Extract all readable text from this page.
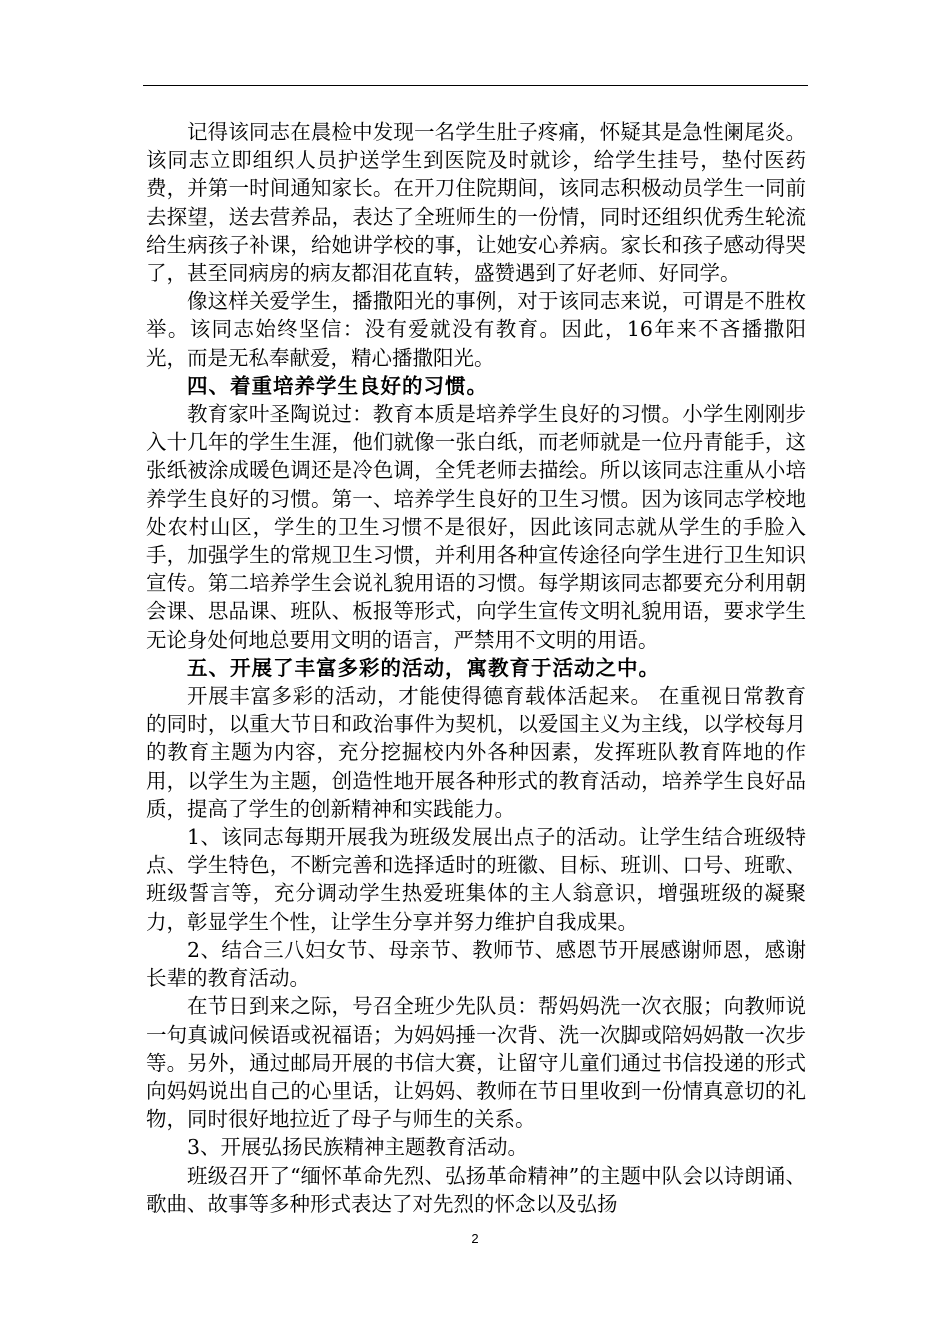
记得该同志在晨检中发现一名学生肚子疼痛，怀疑其是急性阑尾炎。该同志立即组织人员护送学生到医院及时就诊，给学生挂号，垫付医药费，并第一时间通知家长。在开刀住院期间，该同志积极动员学生一同前去探望，送去营养品，表达了全班师生的一份情，同时还组织优秀生轮流给生病孩子补课，给她讲学校的事，让她安心养病。家长和孩子感动得哭了，甚至同病房的病友都泪花直转，盛赞遇到了好老师、好同学。

像这样关爱学生，播撒阳光的事例，对于该同志来说，可谓是不胜枚举。该同志始终坚信：没有爱就没有教育。因此，16年来不吝播撒阳光，而是无私奉献爱，精心播撒阳光。

四、着重培养学生良好的习惯。

教育家叶圣陶说过：教育本质是培养学生良好的习惯。小学生刚刚步入十几年的学生生涯，他们就像一张白纸，而老师就是一位丹青能手，这张纸被涂成暖色调还是冷色调，全凭老师去描绘。所以该同志注重从小培养学生良好的习惯。第一、培养学生良好的卫生习惯。因为该同志学校地处农村山区，学生的卫生习惯不是很好，因此该同志就从学生的手脸入手，加强学生的常规卫生习惯，并利用各种宣传途径向学生进行卫生知识宣传。第二培养学生会说礼貌用语的习惯。每学期该同志都要充分利用朝会课、思品课、班队、板报等形式，向学生宣传文明礼貌用语，要求学生无论身处何地总要用文明的语言，严禁用不文明的用语。

五、开展了丰富多彩的活动，寓教育于活动之中。

开展丰富多彩的活动，才能使得德育载体活起来。 在重视日常教育的同时，以重大节日和政治事件为契机，以爱国主义为主线，以学校每月的教育主题为内容，充分挖掘校内外各种因素，发挥班队教育阵地的作用，以学生为主题，创造性地开展各种形式的教育活动，培养学生良好品质，提高了学生的创新精神和实践能力。

1、该同志每期开展我为班级发展出点子的活动。让学生结合班级特点、学生特色，不断完善和选择适时的班徽、目标、班训、口号、班歌、班级誓言等，充分调动学生热爱班集体的主人翁意识，增强班级的凝聚力，彰显学生个性，让学生分享并努力维护自我成果。

2、结合三八妇女节、母亲节、教师节、感恩节开展感谢师恩，感谢长辈的教育活动。

在节日到来之际，号召全班少先队员：帮妈妈洗一次衣服；向教师说一句真诚问候语或祝福语；为妈妈捶一次背、洗一次脚或陪妈妈散一次步等。另外，通过邮局开展的书信大赛，让留守儿童们通过书信投递的形式向妈妈说出自己的心里话，让妈妈、教师在节日里收到一份情真意切的礼物，同时很好地拉近了母子与师生的关系。

3、开展弘扬民族精神主题教育活动。

班级召开了“缅怀革命先烈、弘扬革命精神”的主题中队会以诗朗诵、歌曲、故事等多种形式表达了对先烈的怀念以及弘扬

2
